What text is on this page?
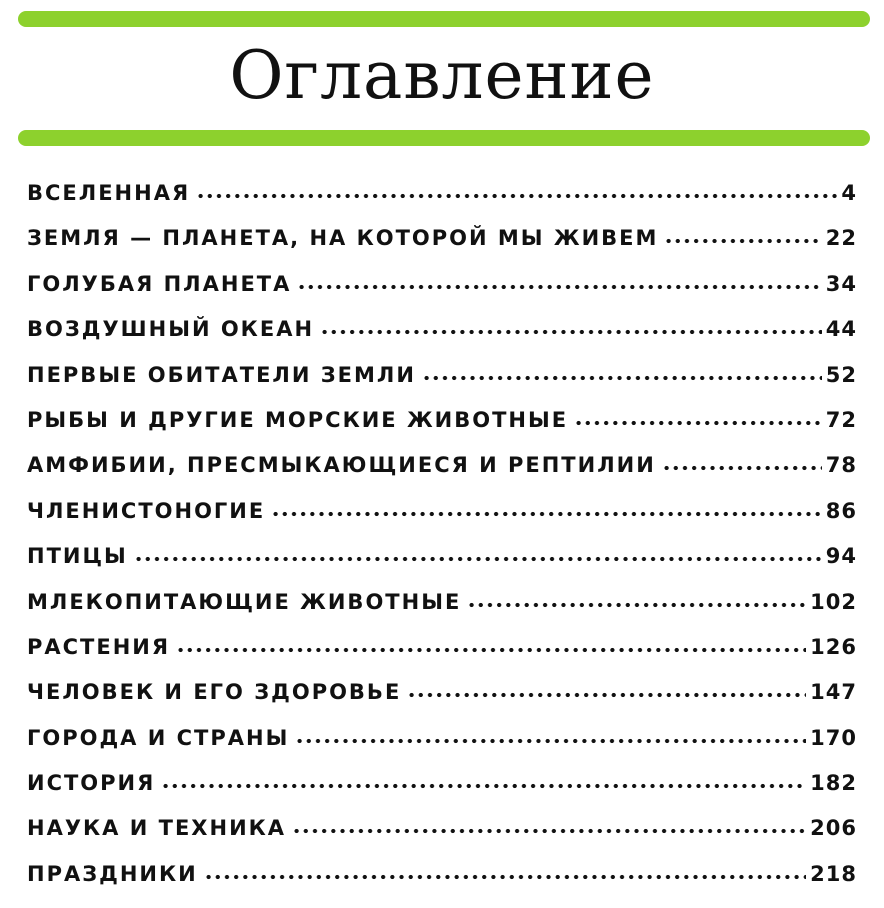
Оглавление
ВСЕЛЕННАЯ	4
ЗЕМЛЯ — ПЛАНЕТА, НА КОТОРОЙ МЫ ЖИВЕМ	22
ГОЛУБАЯ ПЛАНЕТА	34
ВОЗДУШНЫЙ ОКЕАН	44
ПЕРВЫЕ ОБИТАТЕЛИ ЗЕМЛИ	52
РЫБЫ И ДРУГИЕ МОРСКИЕ ЖИВОТНЫЕ	72
АМФИБИИ, ПРЕСМЫКАЮЩИЕСЯ И РЕПТИЛИИ	78
ЧЛЕНИСТОНОГИЕ	86
ПТИЦЫ	94
МЛЕКОПИТАЮЩИЕ ЖИВОТНЫЕ	102
РАСТЕНИЯ	126
ЧЕЛОВЕК И ЕГО ЗДОРОВЬЕ	147
ГОРОДА И СТРАНЫ	170
ИСТОРИЯ	182
НАУКА И ТЕХНИКА	206
ПРАЗДНИКИ	218
